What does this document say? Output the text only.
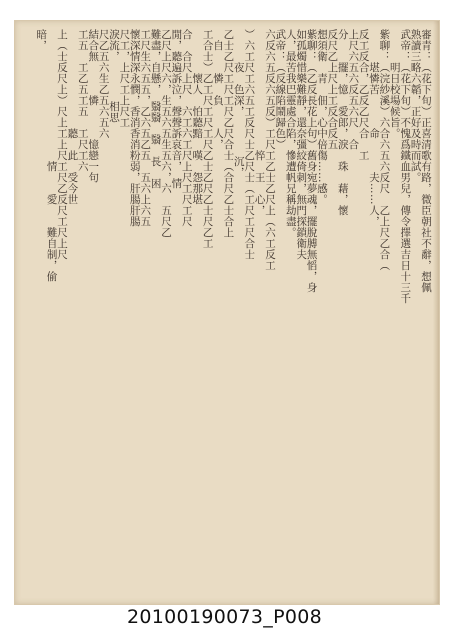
審青：（花下旬）正喜清歌有路，微臣朝社不辭，想佩
熟讀三略六韜，正好及時而試。
武帝：（花下旬）不愧爲鐵血男兒，傳令擇選吉日十三千
　　　明日校場候旨。
紫聊：（浣紗溪）六合六五六反尺　乙上尺乙合（
　　　堪憐苦　　　命　　　夫……人，
反工反合，乙反乙尺合　工
上尺六五六反五六尺　合
分　　擺，憶　愛郎，淚　珠　藉，懷
反尺乙上尺上工反合反五
想須衛　青　佃，心中倍傷……感。
紫聊：（乙反長花上句）舊身宛夢魂，擺脫膊無慆，身
如孤燭惜樂難靜，還奈彊絞倚刺，無門探鎖衛夫
人，最苦我巴靈處合陷，慘遭帆兄稱劫盡。
武帝：（反線陷鬧歸色）
六反六五反六五反）工尺工乙士乙尺上（六工反工
　　　　　　　　　　　悴　王　心，
）六工尺工六五工反尺士乙尺士（工尺工尺合士
　　　夜　色深，　　　　沉，
乙士乙尺工尺工尺乙尺合士（合尺乙士合上
　自　　憐　負　　人，
工合士）乙工尺工尺工尺乙士乙尺乙士尺乙工
　　　　懷人　怕聽黯　嘆　怨那堪
合　合尺上尺　六工六工尺上尺工尺工尺
閒，聽遍訴泣，聲聲訴哀音，　情
乙尺上尺六，生五六五生五六，六　五尺乙
難盡，自懸，　翳翳　翳　長　困
工尺生六五五，乙六五乙五　五六上六五
懷深情深永憫，香消香消粉弱，肝腸肝腸
尺工，上尺工上尺工
淚流，　　　　相思
尺乙五六生乙五六五六
結合無　　　憐　　　憶戀一句
工五　工乙五工五　工尺工六
　　　　　　　　　聽　此　受今世
上（士反尺上）尺上工上尺工尺乙反尺工尺上尺
　　　　　　　　　　　　情　　愛　　難自制，偷
暗，
20100190073_P008
